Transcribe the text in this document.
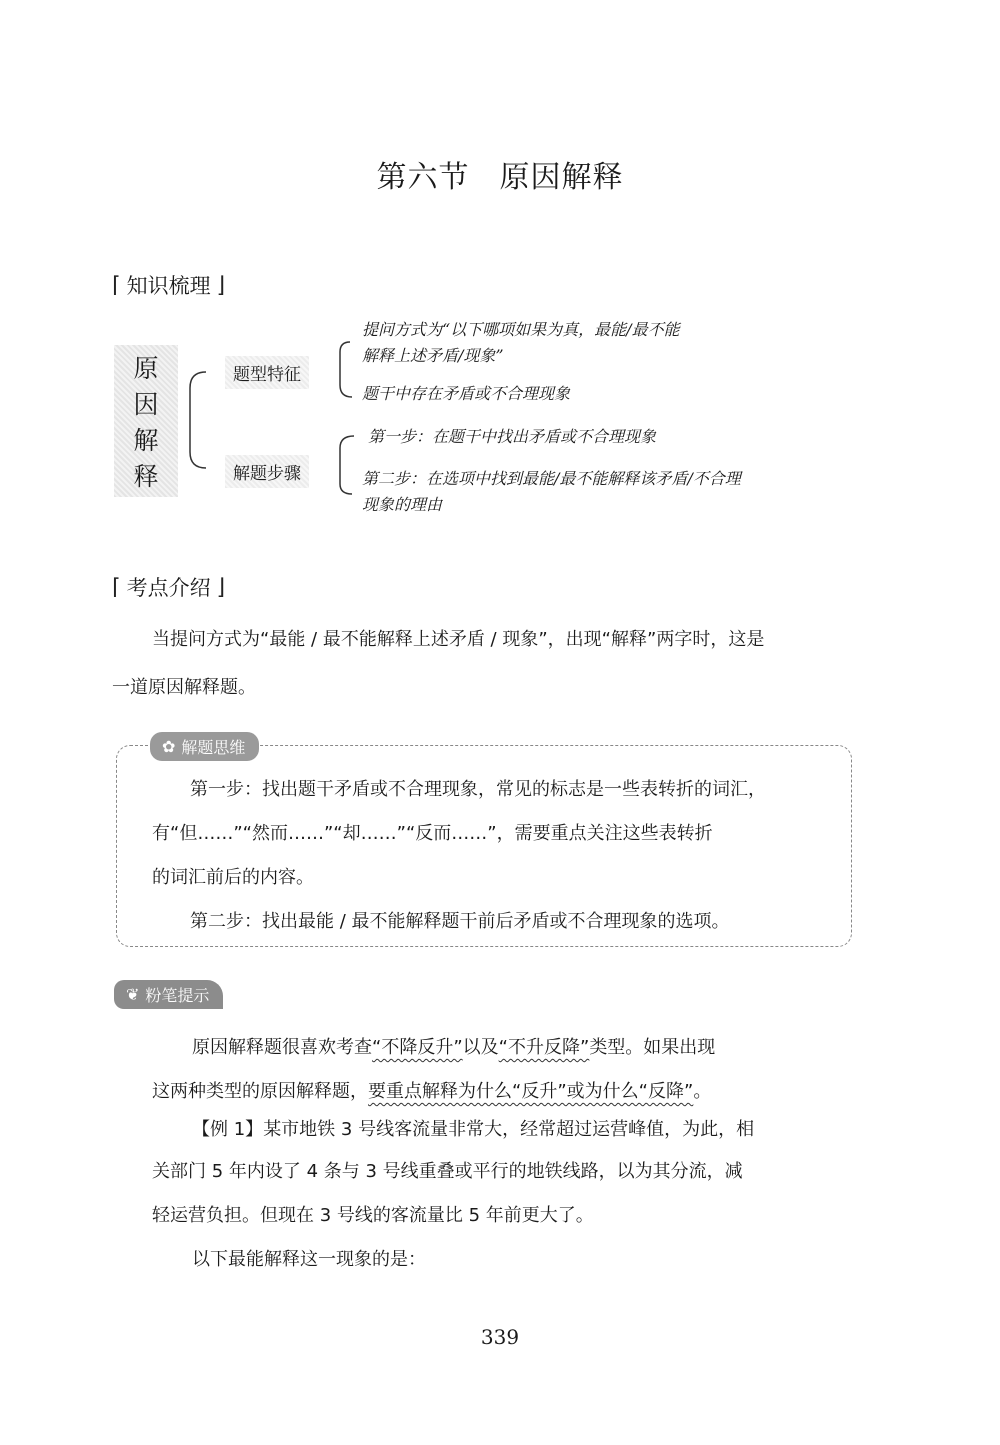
第六节 原因解释
⌈ 知识梳理 ⌋
原
因
解
释
题型特征
解题步骤
提问方式为“以下哪项如果为真，最能/最不能
解释上述矛盾/现象”
题干中存在矛盾或不合理现象
第一步：在题干中找出矛盾或不合理现象
第二步：在选项中找到最能/最不能解释该矛盾/不合理
现象的理由
⌈ 考点介绍 ⌋
当提问方式为“最能 / 最不能解释上述矛盾 / 现象”，出现“解释”两字时，这是
一道原因解释题。
✿ 解题思维
第一步：找出题干矛盾或不合理现象，常见的标志是一些表转折的词汇，
有“但……”“然而……”“却……”“反而……”，需要重点关注这些表转折
的词汇前后的内容。
第二步：找出最能 / 最不能解释题干前后矛盾或不合理现象的选项。
❦ 粉笔提示
原因解释题很喜欢考查“不降反升”以及“不升反降”类型。如果出现
这两种类型的原因解释题，要重点解释为什么“反升”或为什么“反降”。
【例 1】某市地铁 3 号线客流量非常大，经常超过运营峰值，为此，相
关部门 5 年内设了 4 条与 3 号线重叠或平行的地铁线路，以为其分流，减
轻运营负担。但现在 3 号线的客流量比 5 年前更大了。
以下最能解释这一现象的是：
339
